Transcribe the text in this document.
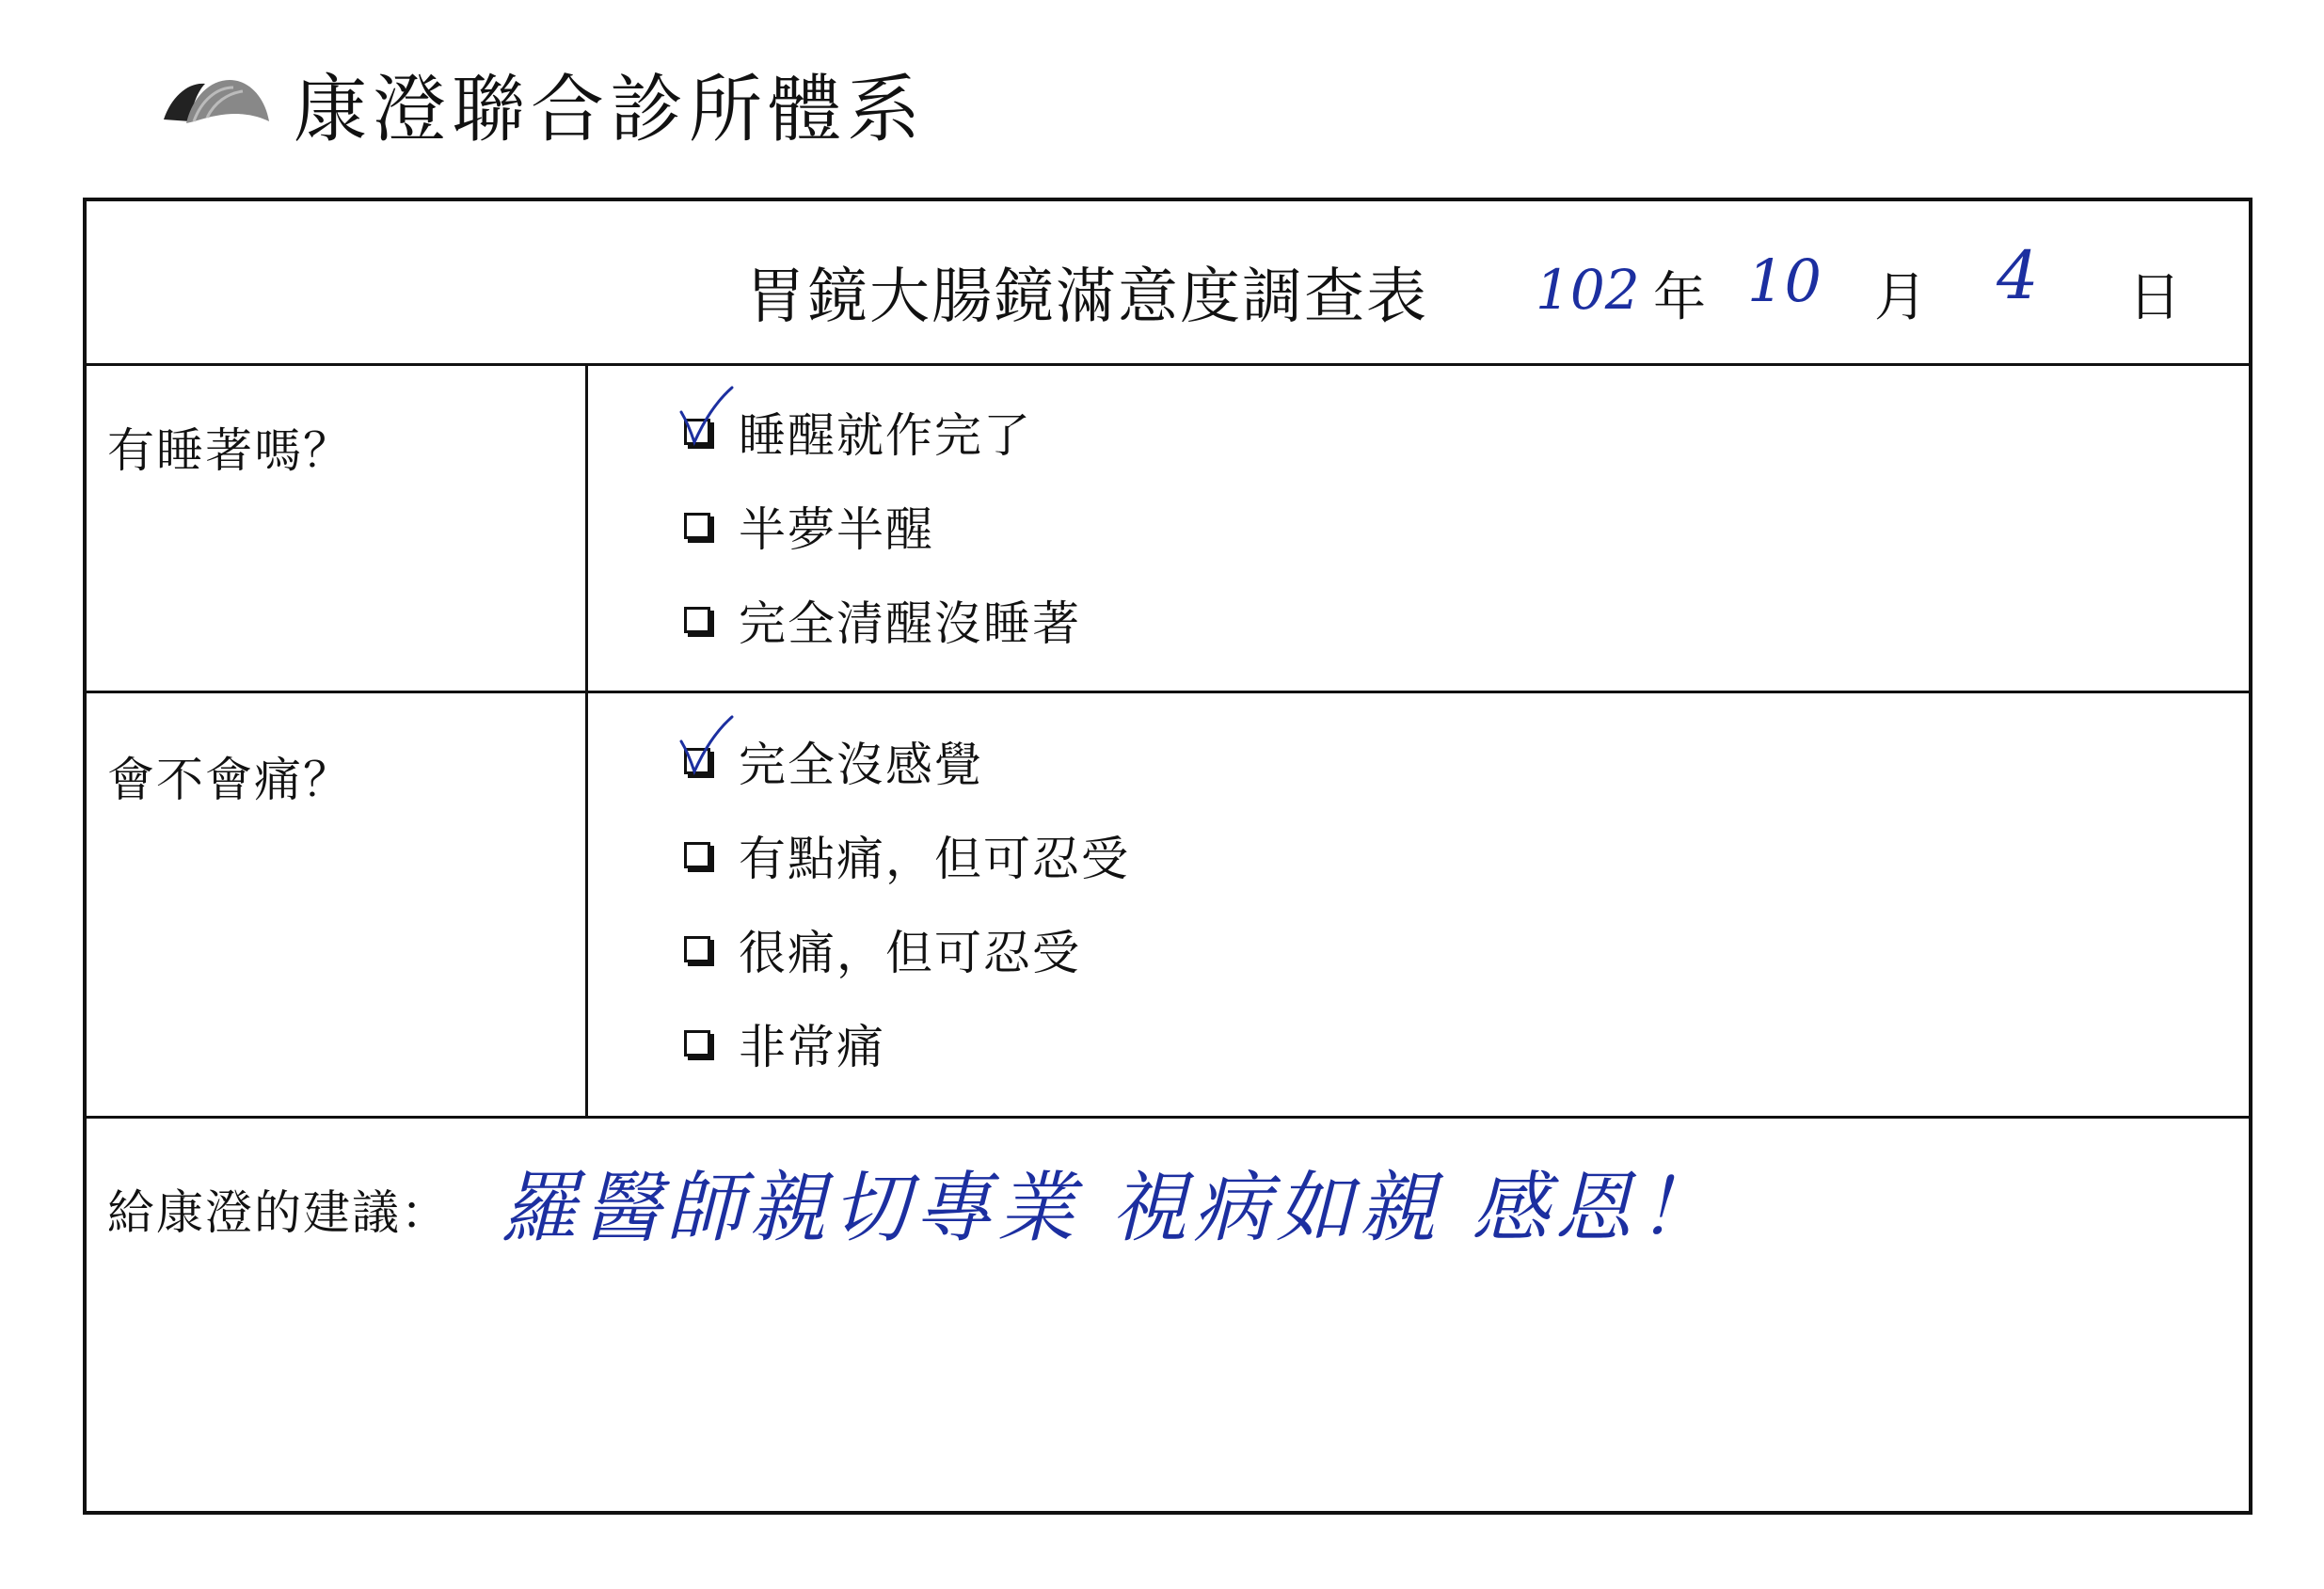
康澄聯合診所體系
胃鏡大腸鏡滿意度調查表 102 年 10 月 4 日
有睡著嗎？	睡醒就作完了
半夢半醒
完全清醒沒睡著
會不會痛？	完全沒感覺
有點痛，但可忍受
很痛，但可忍受
非常痛
給康澄的建議： 羅醫師親切專業 視病如親 感恩！
